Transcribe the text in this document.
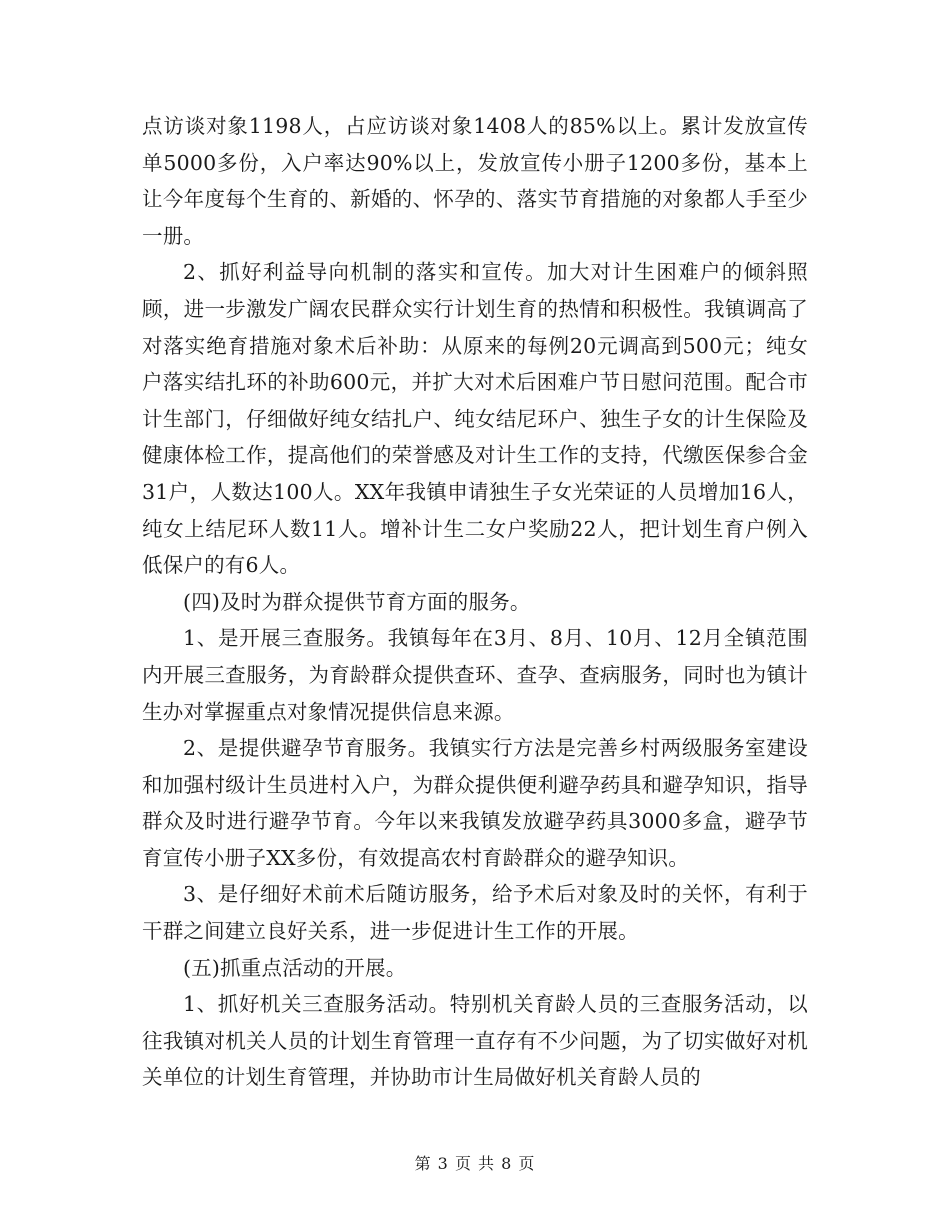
点访谈对象1198人，占应访谈对象1408人的85%以上。累计发放宣传单5000多份，入户率达90%以上，发放宣传小册子1200多份，基本上让今年度每个生育的、新婚的、怀孕的、落实节育措施的对象都人手至少一册。

2、抓好利益导向机制的落实和宣传。加大对计生困难户的倾斜照顾，进一步激发广阔农民群众实行计划生育的热情和积极性。我镇调高了对落实绝育措施对象术后补助：从原来的每例20元调高到500元；纯女户落实结扎环的补助600元，并扩大对术后困难户节日慰问范围。配合市计生部门，仔细做好纯女结扎户、纯女结尼环户、独生子女的计生保险及健康体检工作，提高他们的荣誉感及对计生工作的支持，代缴医保参合金31户，人数达100人。XX年我镇申请独生子女光荣证的人员增加16人，纯女上结尼环人数11人。增补计生二女户奖励22人，把计划生育户例入低保户的有6人。

(四)及时为群众提供节育方面的服务。

1、是开展三查服务。我镇每年在3月、8月、10月、12月全镇范围内开展三查服务，为育龄群众提供查环、查孕、查病服务，同时也为镇计生办对掌握重点对象情况提供信息来源。

2、是提供避孕节育服务。我镇实行方法是完善乡村两级服务室建设和加强村级计生员进村入户，为群众提供便利避孕药具和避孕知识，指导群众及时进行避孕节育。今年以来我镇发放避孕药具3000多盒，避孕节育宣传小册子XX多份，有效提高农村育龄群众的避孕知识。

3、是仔细好术前术后随访服务，给予术后对象及时的关怀，有利于干群之间建立良好关系，进一步促进计生工作的开展。

(五)抓重点活动的开展。

1、抓好机关三查服务活动。特别机关育龄人员的三查服务活动，以往我镇对机关人员的计划生育管理一直存有不少问题，为了切实做好对机关单位的计划生育管理，并协助市计生局做好机关育龄人员的

第 3 页 共 8 页
